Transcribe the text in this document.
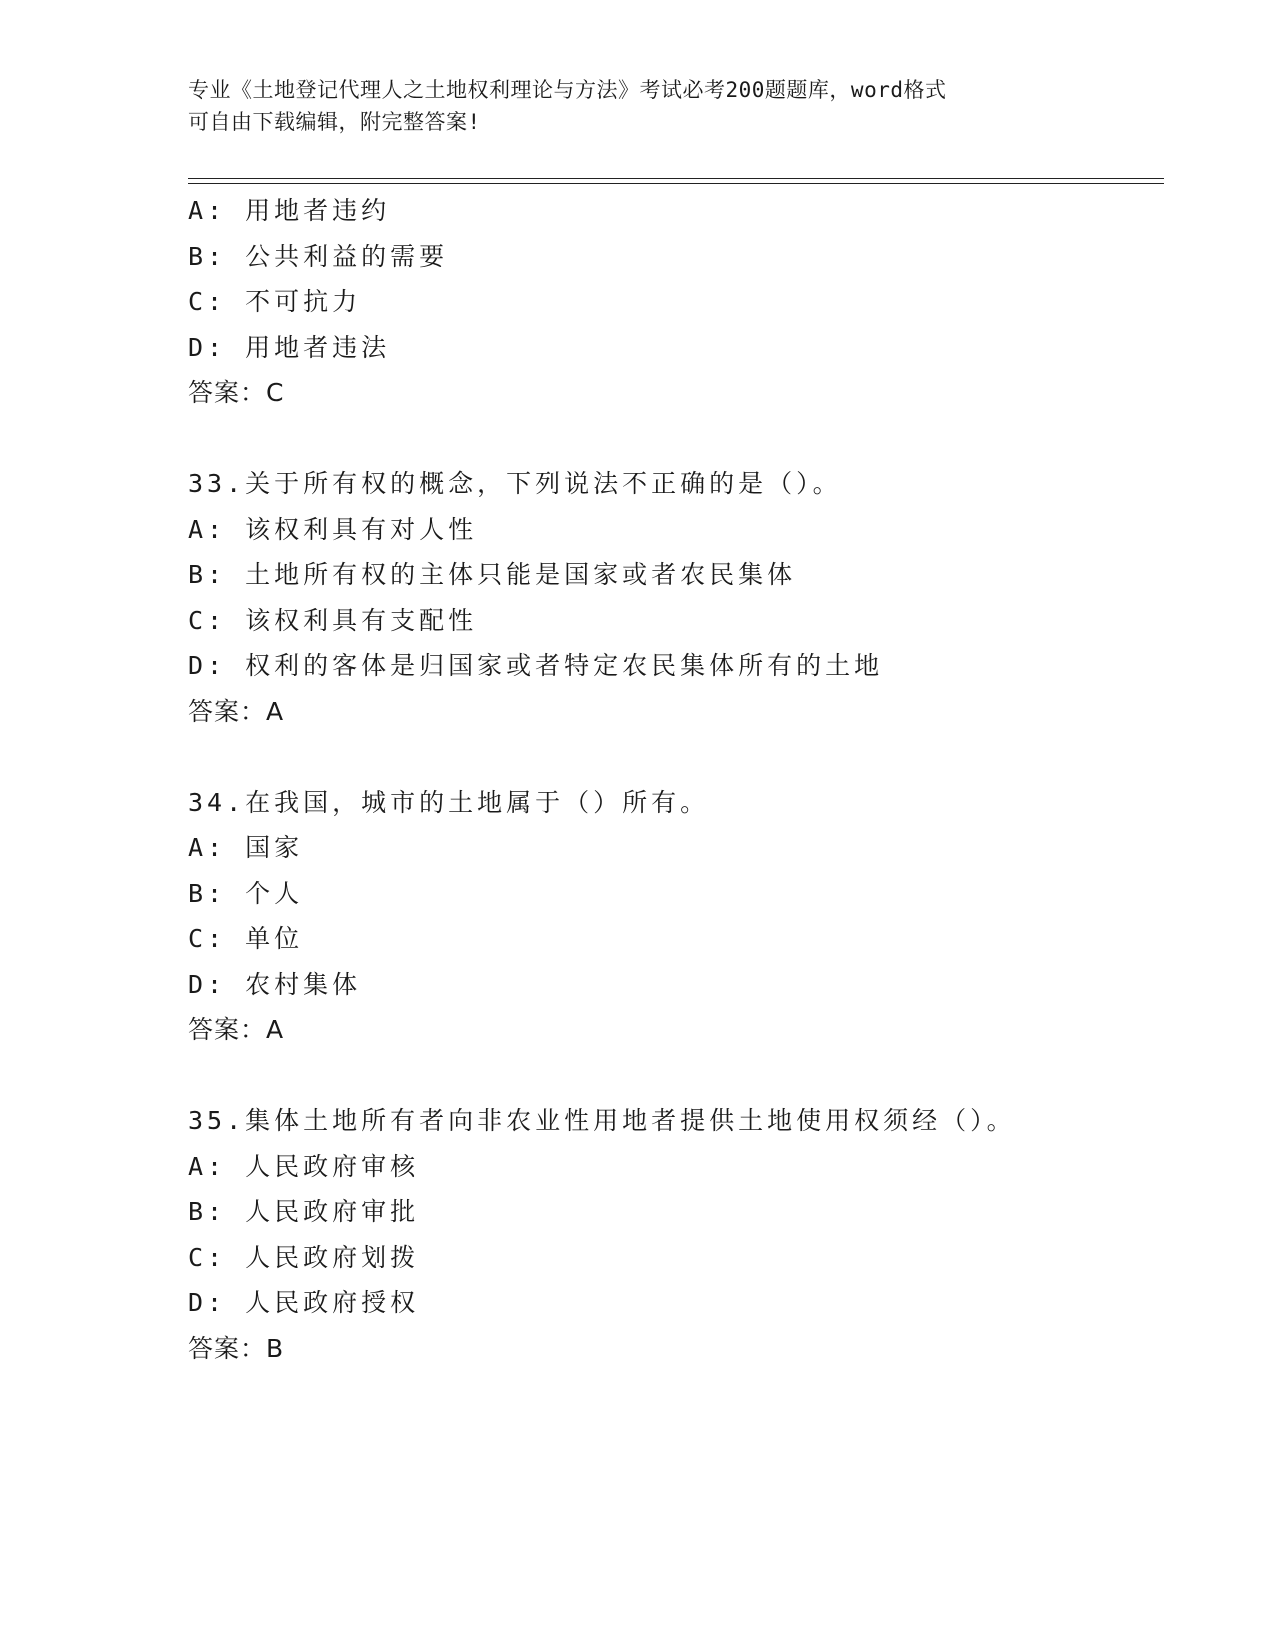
专业《土地登记代理人之土地权利理论与方法》考试必考200题题库，word格式
可自由下载编辑，附完整答案!
A: 用地者违约
B: 公共利益的需要
C: 不可抗力
D: 用地者违法
答案：C
33.关于所有权的概念，下列说法不正确的是（）。
A: 该权利具有对人性
B: 土地所有权的主体只能是国家或者农民集体
C: 该权利具有支配性
D: 权利的客体是归国家或者特定农民集体所有的土地
答案：A
34.在我国，城市的土地属于（）所有。
A: 国家
B: 个人
C: 单位
D: 农村集体
答案：A
35.集体土地所有者向非农业性用地者提供土地使用权须经（）。
A: 人民政府审核
B: 人民政府审批
C: 人民政府划拨
D: 人民政府授权
答案：B
